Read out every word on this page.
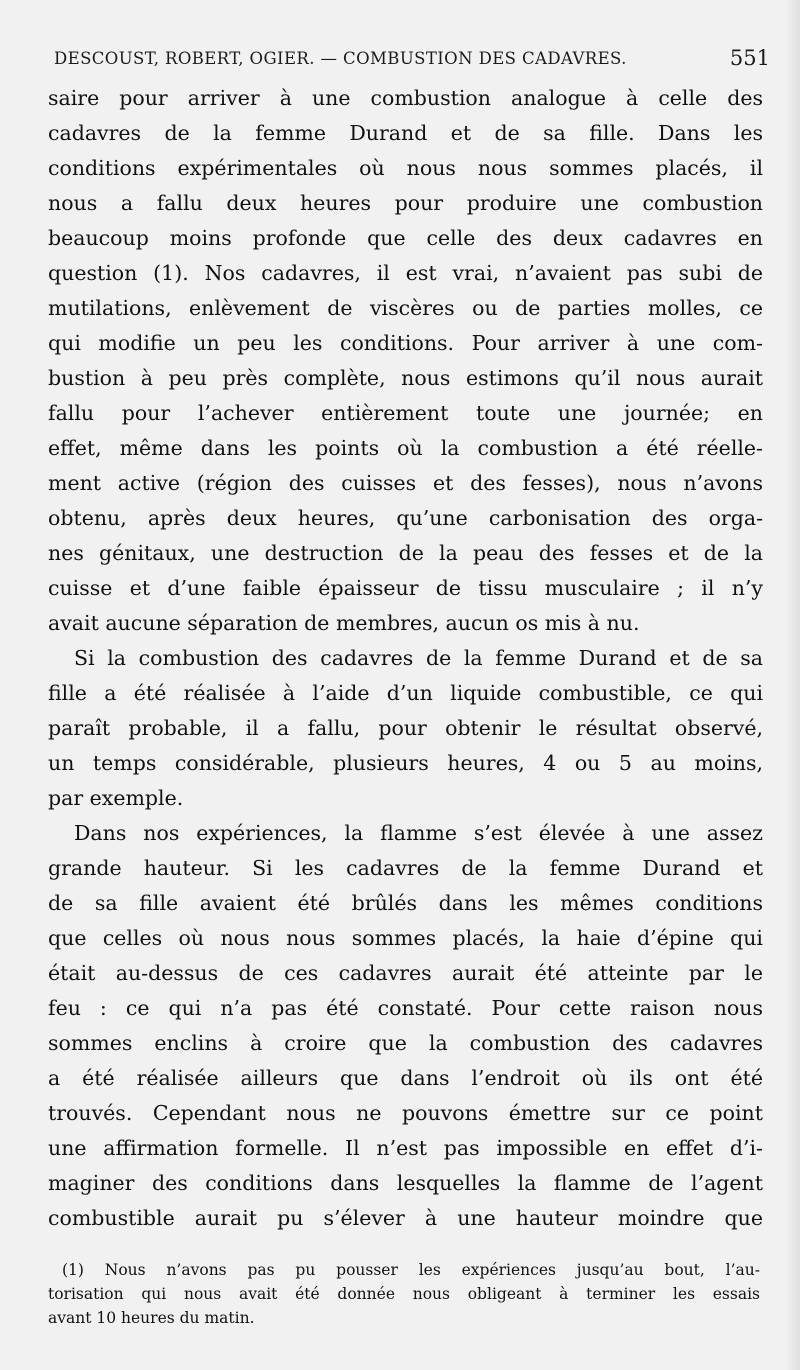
DESCOUST, ROBERT, OGIER. — COMBUSTION DES CADAVRES.	551
saire pour arriver à une combustion analogue à celle des
cadavres de la femme Durand et de sa fille. Dans les
conditions expérimentales où nous nous sommes placés, il
nous a fallu deux heures pour produire une combustion
beaucoup moins profonde que celle des deux cadavres en
question (1). Nos cadavres, il est vrai, n’avaient pas subi de
mutilations, enlèvement de viscères ou de parties molles, ce
qui modifie un peu les conditions. Pour arriver à une com-
bustion à peu près complète, nous estimons qu’il nous aurait
fallu pour l’achever entièrement toute une journée; en
effet, même dans les points où la combustion a été réelle-
ment active (région des cuisses et des fesses), nous n’avons
obtenu, après deux heures, qu’une carbonisation des orga-
nes génitaux, une destruction de la peau des fesses et de la
cuisse et d’une faible épaisseur de tissu musculaire ; il n’y
avait aucune séparation de membres, aucun os mis à nu.
Si la combustion des cadavres de la femme Durand et de sa
fille a été réalisée à l’aide d’un liquide combustible, ce qui
paraît probable, il a fallu, pour obtenir le résultat observé,
un temps considérable, plusieurs heures, 4 ou 5 au moins,
par exemple.
Dans nos expériences, la flamme s’est élevée à une assez
grande hauteur. Si les cadavres de la femme Durand et
de sa fille avaient été brûlés dans les mêmes conditions
que celles où nous nous sommes placés, la haie d’épine qui
était au-dessus de ces cadavres aurait été atteinte par le
feu : ce qui n’a pas été constaté. Pour cette raison nous
sommes enclins à croire que la combustion des cadavres
a été réalisée ailleurs que dans l’endroit où ils ont été
trouvés. Cependant nous ne pouvons émettre sur ce point
une affirmation formelle. Il n’est pas impossible en effet d’i-
maginer des conditions dans lesquelles la flamme de l’agent
combustible aurait pu s’élever à une hauteur moindre que
(1) Nous n’avons pas pu pousser les expériences jusqu’au bout, l’au-
torisation qui nous avait été donnée nous obligeant à terminer les essais
avant 10 heures du matin.
